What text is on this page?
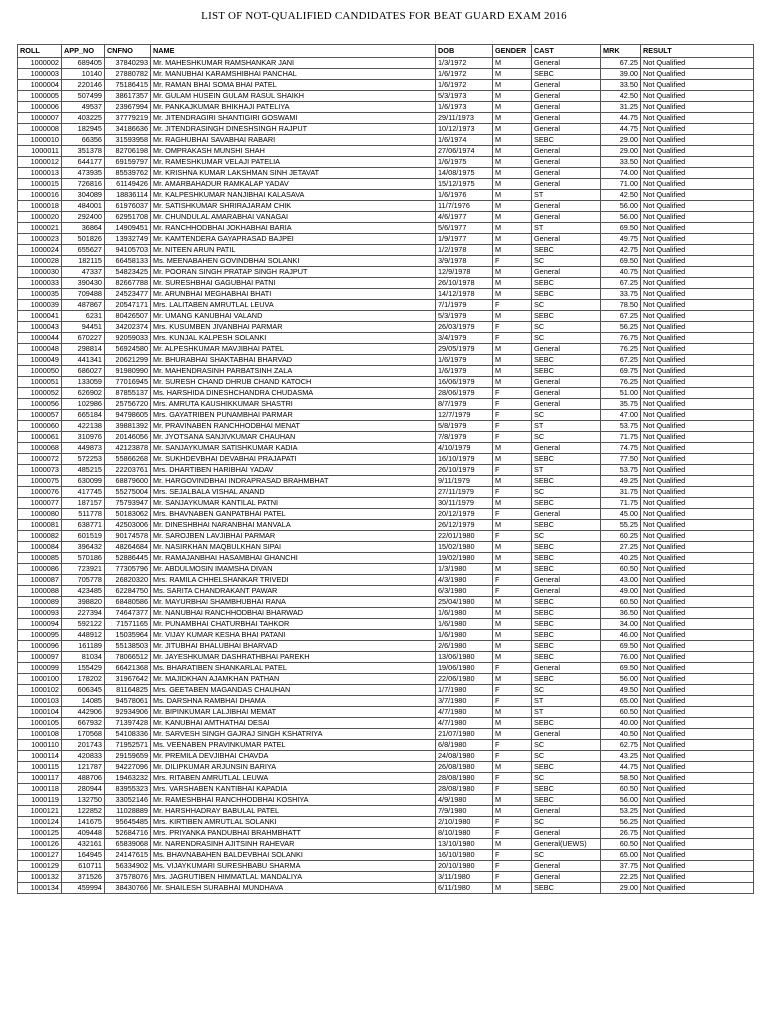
LIST OF NOT-QUALIFIED CANDIDATES FOR BEAT GUARD EXAM 2016
ROLL	APP_NO	CNFNO	NAME	DOB	GENDER	CAST	MRK	RESULT
1000002	689405	37840293	Mr. MAHESHKUMAR RAMSHANKAR JANI	1/3/1972	M	General	67.25	Not Qualified
1000003	10140	27880782	Mr. MANUBHAI KARAMSHIBHAI PANCHAL	1/6/1972	M	SEBC	39.00	Not Qualified
1000004	220146	75186415	Mr. RAMAN BHAI SOMA BHAI PATEL	1/6/1972	M	General	33.50	Not Qualified
1000005	507499	38617357	Mr. GULAM HUSEIN GULAM RASUL SHAIKH	5/3/1973	M	General	42.50	Not Qualified
1000006	49537	23967994	Mr. PANKAJKUMAR BHIKHAJI PATELIYA	1/6/1973	M	General	31.25	Not Qualified
1000007	403225	37779219	Mr. JITENDRAGIRI SHANTIGIRI GOSWAMI	29/11/1973	M	General	44.75	Not Qualified
1000008	182945	34186636	Mr. JITENDRASINGH DINESHSINGH RAJPUT	10/12/1973	M	General	44.75	Not Qualified
1000010	66356	31593958	Mr. RAGHUBHAI SAVABHAI RABARI	1/6/1974	M	SEBC	29.00	Not Qualified
1000011	351378	82706198	Mr. OMPRAKASH MUNSHI SHAH	27/06/1974	M	General	29.00	Not Qualified
1000012	644177	69159797	Mr. RAMESHKUMAR VELAJI PATELIA	1/6/1975	M	General	33.50	Not Qualified
1000013	473935	85539762	Mr. KRISHNA KUMAR LAKSHMAN SINH JETAVAT	14/08/1975	M	General	74.00	Not Qualified
1000015	726816	61149426	Mr. AMARBAHADUR RAMKALAP YADAV	15/12/1975	M	General	71.00	Not Qualified
1000016	304089	18836114	Mr. KALPESHKUMAR NANJIBHAI KALASAVA	1/6/1976	M	ST	42.50	Not Qualified
1000018	484001	61976037	Mr. SATISHKUMAR SHRIRAJARAM CHIK	11/7/1976	M	General	56.00	Not Qualified
1000020	292400	62951708	Mr. CHUNDULAL AMARABHAI VANAGAI	4/6/1977	M	General	56.00	Not Qualified
1000021	36864	14909451	Mr. RANCHHODBHAI JOKHABHAI BARIA	5/6/1977	M	ST	69.50	Not Qualified
1000023	501826	13932749	Mr. KAMTENDERA GAYAPRASAD BAJPEI	1/9/1977	M	General	49.75	Not Qualified
1000024	655627	94105703	Mr. NITEEN ARUN PATIL	1/2/1978	M	SEBC	42.75	Not Qualified
1000028	182115	66458133	Ms. MEENABAHEN GOVINDBHAI SOLANKI	3/9/1978	F	SC	69.50	Not Qualified
1000030	47337	54823425	Mr. POORAN SINGH PRATAP SINGH RAJPUT	12/9/1978	M	General	40.75	Not Qualified
1000033	390430	82667788	Mr. SURESHBHAI GAGUBHAI PATNI	26/10/1978	M	SEBC	67.25	Not Qualified
1000035	709488	24523477	Mr. ARUNBHAI MEGHABHAI BHATI	14/12/1978	M	SEBC	33.75	Not Qualified
1000039	487867	20547171	Mrs. LALITABEN AMRUTLAL LEUVA	7/1/1979	F	SC	78.50	Not Qualified
1000041	6231	80426507	Mr. UMANG KANUBHAI VALAND	5/3/1979	M	SEBC	67.25	Not Qualified
1000043	94451	34202374	Mrs. KUSUMBEN JIVANBHAI PARMAR	26/03/1979	F	SC	56.25	Not Qualified
1000044	670227	92059033	Mrs. KUNJAL KALPESH SOLANKI	3/4/1979	F	SC	76.75	Not Qualified
1000048	298814	56924580	Mr. ALPESHKUMAR MAVJIBHAI PATEL	29/05/1979	M	General	76.25	Not Qualified
1000049	441341	20621299	Mr. BHURABHAI SHAKTABHAI BHARVAD	1/6/1979	M	SEBC	67.25	Not Qualified
1000050	686027	91980990	Mr. MAHENDRASINH PARBATSINH ZALA	1/6/1979	M	SEBC	69.75	Not Qualified
1000051	133059	77016945	Mr. SURESH CHAND DHRUB CHAND KATOCH	16/06/1979	M	General	76.25	Not Qualified
1000052	626902	87855137	Ms. HARSHIDA DINESHCHANDRA CHUDASMA	28/06/1979	F	General	51.00	Not Qualified
1000056	102986	25756720	Mrs. AMRUTA KAUSHIKKUMAR SHASTRI	8/7/1979	F	General	35.75	Not Qualified
1000057	665184	94798605	Mrs. GAYATRIBEN PUNAMBHAI PARMAR	12/7/1979	F	SC	47.00	Not Qualified
1000060	422138	39881392	Mr. PRAVINABEN RANCHHODBHAI MENAT	5/8/1979	F	ST	53.75	Not Qualified
1000061	310976	20146056	Mr. JYOTSANA SANJIVKUMAR CHAUHAN	7/8/1979	F	SC	71.75	Not Qualified
1000068	449873	42123878	Mr. SANJAYKUMAR SATISHKUMAR KADIA	4/10/1979	M	General	74.75	Not Qualified
1000072	572253	55866268	Mr. SUKHDEVBHAI DEVABHAI PRAJAPATI	16/10/1979	M	SEBC	77.50	Not Qualified
1000073	485215	22203761	Mrs. DHARTIBEN HARIBHAI YADAV	26/10/1979	F	ST	53.75	Not Qualified
1000075	630099	68879600	Mr. HARGOVINDBHAI INDRAPRASAD BRAHMBHAT	9/11/1979	M	SEBC	49.25	Not Qualified
1000076	417745	55275004	Mrs. SEJALBALA VISHAL ANAND	27/11/1979	F	SC	31.75	Not Qualified
1000077	187157	75793947	Mr. SANJAYKUMAR KANTILAL PATNI	30/11/1979	M	SEBC	71.75	Not Qualified
1000080	511778	50183062	Mrs. BHAVNABEN GANPATBHAI PATEL	20/12/1979	F	General	45.00	Not Qualified
1000081	638771	42503006	Mr. DINESHBHAI NARANBHAI MANVALA	26/12/1979	M	SEBC	55.25	Not Qualified
1000082	601519	90174578	Mr. SAROJBEN LAVJIBHAI PARMAR	22/01/1980	F	SC	60.25	Not Qualified
1000084	396432	48264684	Mr. NASIRKHAN MAQBULKHAN SIPAI	15/02/1980	M	SEBC	27.25	Not Qualified
1000085	570186	52886445	Mr. RAMAJANBHAI HASAMBHAI GHANCHI	19/02/1980	M	SEBC	40.25	Not Qualified
1000086	723921	77305796	Mr. ABDULMOSIN IMAMSHA DIVAN	1/3/1980	M	SEBC	60.50	Not Qualified
1000087	705778	26820320	Mrs. RAMILA CHHELSHANKAR TRIVEDI	4/3/1980	F	General	43.00	Not Qualified
1000088	423485	62284750	Ms. SARITA CHANDRAKANT PAWAR	6/3/1980	F	General	49.00	Not Qualified
1000089	398820	68480586	Mr. MAYURBHAI SHAMBHUBHAI RANA	25/04/1980	M	SEBC	60.50	Not Qualified
1000093	227394	74647377	Mr. NANUBHAI RANCHHODBHAI BHARWAD	1/6/1980	M	SEBC	36.50	Not Qualified
1000094	592122	71571165	Mr. PUNAMBHAI CHATURBHAI TAHKOR	1/6/1980	M	SEBC	34.00	Not Qualified
1000095	448912	15035964	Mr. VIJAY KUMAR KESHA BHAI PATANI	1/6/1980	M	SEBC	46.00	Not Qualified
1000096	161189	55138503	Mr. JITUBHAI BHALUBHAI BHARVAD	2/6/1980	M	SEBC	69.50	Not Qualified
1000097	81034	78066512	Mr. JAYESHKUMAR DASHRATHBHAI PAREKH	13/06/1980	M	SEBC	76.00	Not Qualified
1000099	155429	66421368	Ms. BHARATIBEN SHANKARLAL PATEL	19/06/1980	F	General	69.50	Not Qualified
1000100	178202	31967642	Mr. MAJIDKHAN AJAMKHAN PATHAN	22/06/1980	M	SEBC	56.00	Not Qualified
1000102	606345	81164825	Mrs. GEETABEN MAGANDAS CHAUHAN	1/7/1980	F	SC	49.50	Not Qualified
1000103	14085	94578061	Ms. DARSHNA RAMBHAI DHAMA	3/7/1980	F	ST	65.00	Not Qualified
1000104	442906	92934906	Mr. BIPINKUMAR LALJIBHAI MEMAT	4/7/1980	M	ST	60.50	Not Qualified
1000105	667932	71397428	Mr. KANUBHAI AMTHATHAI DESAI	4/7/1980	M	SEBC	40.00	Not Qualified
1000108	170568	54108336	Mr. SARVESH SINGH GAJRAJ SINGH KSHATRIYA	21/07/1980	M	General	40.50	Not Qualified
1000110	201743	71952571	Ms. VEENABEN PRAVINKUMAR PATEL	6/8/1980	F	SC	62.75	Not Qualified
1000114	420833	29159659	Mr. PREMILA DEVJIBHAI CHAVDA	24/08/1980	F	SC	43.25	Not Qualified
1000115	121787	94227096	Mr. DILIPKUMAR ARJUNSIN BARIYA	26/08/1980	M	SEBC	44.75	Not Qualified
1000117	488706	19463232	Mrs. RITABEN AMRUTLAL LEUWA	28/08/1980	F	SC	58.50	Not Qualified
1000118	280944	83955323	Mrs. VARSHABEN KANTIBHAI KAPADIA	28/08/1980	F	SEBC	60.50	Not Qualified
1000119	132750	33052146	Mr. RAMESHBHAI RANCHHODBHAI KOSHIYA	4/9/1980	M	SEBC	56.00	Not Qualified
1000121	122852	11028889	Mr. HARSHHADRAY BABULAL PATEL	7/9/1980	M	General	53.25	Not Qualified
1000124	141675	95645485	Mrs. KIRTIBEN AMRUTLAL SOLANKI	2/10/1980	F	SC	56.25	Not Qualified
1000125	409448	52684716	Mrs. PRIYANKA PANDUBHAI BRAHMBHATT	8/10/1980	F	General	26.75	Not Qualified
1000126	432161	65839068	Mr. NARENDRASINH AJITSINH RAHEVAR	13/10/1980	M	General(UEWS)	60.50	Not Qualified
1000127	164945	24147615	Ms. BHAVNABAHEN BALDEVBHAI SOLANKI	16/10/1980	F	SC	65.00	Not Qualified
1000129	610711	56334902	Ms. VIJAYKUMARI SURESHBABU SHARMA	20/10/1980	F	General	37.75	Not Qualified
1000132	371526	37578076	Mrs. JAGRUTIBEN HIMMATLAL MANDALIYA	3/11/1980	F	General	22.25	Not Qualified
1000134	459994	38430766	Mr. SHAILESH SURABHAI MUNDHAVA	6/11/1980	M	SEBC	29.00	Not Qualified
